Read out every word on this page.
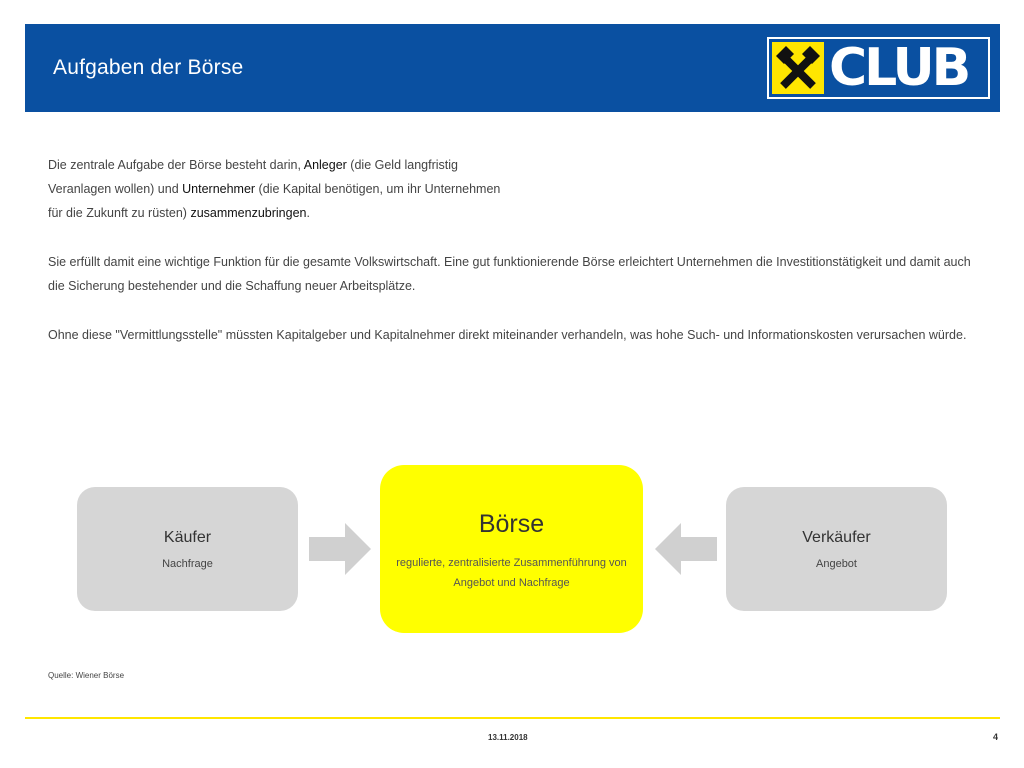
Aufgaben der Börse	CLUB
Die zentrale Aufgabe der Börse besteht darin, Anleger (die Geld langfristig
Veranlagen wollen) und Unternehmer (die Kapital benötigen, um ihr Unternehmen
für die Zukunft zu rüsten) zusammenzubringen.
Sie erfüllt damit eine wichtige Funktion für die gesamte Volkswirtschaft. Eine gut funktionierende Börse erleichtert Unternehmen die Investitionstätigkeit und damit auch die Sicherung bestehender und die Schaffung neuer Arbeitsplätze.
Ohne diese "Vermittlungsstelle" müssten Kapitalgeber und Kapitalnehmer direkt miteinander verhandeln, was hohe Such- und Informationskosten verursachen würde.
Käufer
Nachfrage
Börse
regulierte, zentralisierte Zusammenführung von Angebot und Nachfrage
Verkäufer
Angebot
Quelle: Wiener Börse
13.11.2018	4
